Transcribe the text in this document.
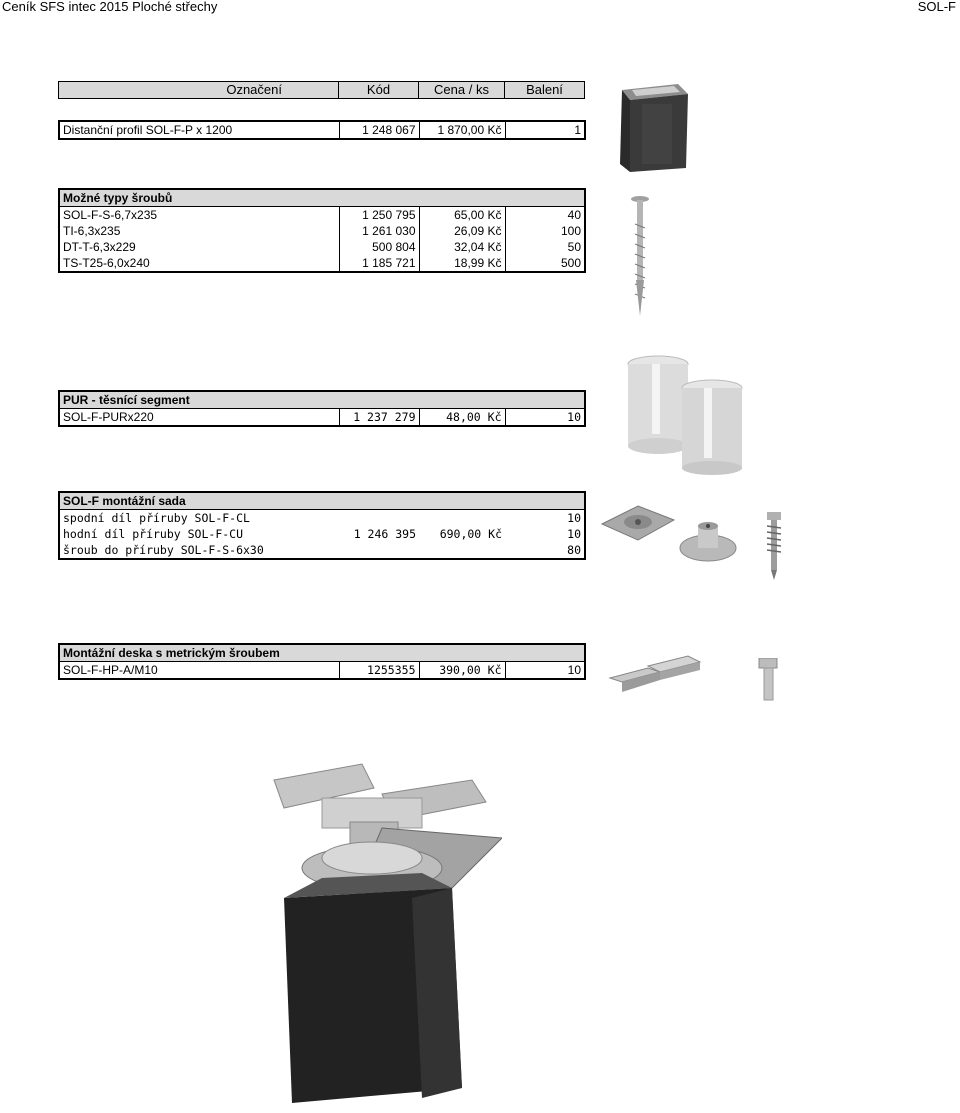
Ceník SFS intec 2015 Ploché střechy	SOL-F
Označení	Kód	Cena / ks	Balení
Distanční profil SOL-F-P x 1200	1 248 067	1 870,00 Kč	1
Možné typy šroubů			
SOL-F-S-6,7x235	1 250 795	65,00 Kč	40
TI-6,3x235	1 261 030	26,09 Kč	100
DT-T-6,3x229	500 804	32,04 Kč	50
TS-T25-6,0x240	1 185 721	18,99 Kč	500
PUR - těsnící segment
SOL-F-PURx220	1 237 279	48,00 Kč	10
SOL-F montážní sada			
spodní díl příruby SOL-F-CL			10
hodní díl příruby SOL-F-CU	1 246 395	690,00 Kč	10
šroub do příruby SOL-F-S-6x30			80
Montážní deska s metrickým šroubem
SOL-F-HP-A/M10	1255355	390,00 Kč	10
